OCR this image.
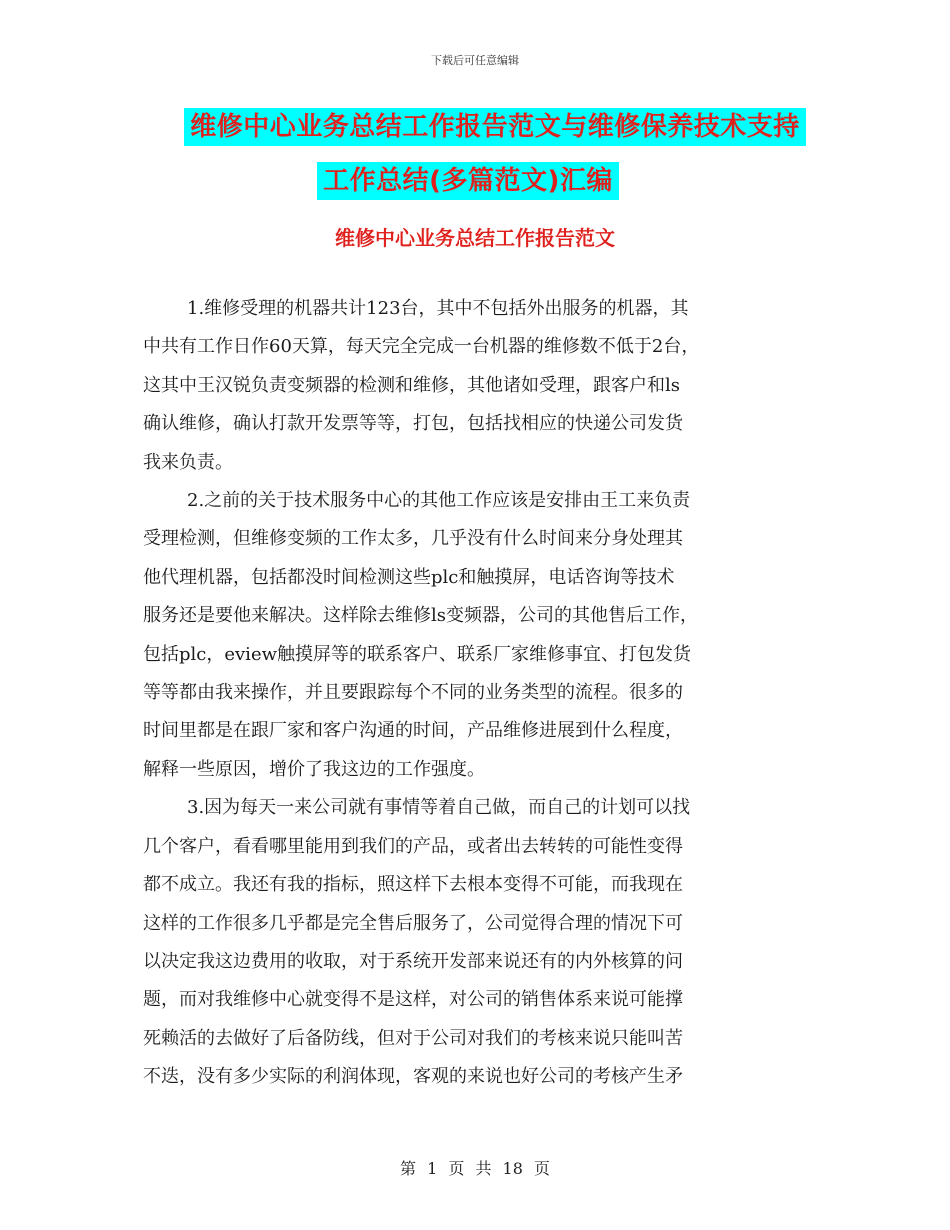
下载后可任意编辑
维修中心业务总结工作报告范文与维修保养技术支持
工作总结(多篇范文)汇编
维修中心业务总结工作报告范文

1.维修受理的机器共计123台，其中不包括外出服务的机器，其

中共有工作日作60天算，每天完全完成一台机器的维修数不低于2台，

这其中王汉锐负责变频器的检测和维修，其他诸如受理，跟客户和ls

确认维修，确认打款开发票等等，打包，包括找相应的快递公司发货

我来负责。

2.之前的关于技术服务中心的其他工作应该是安排由王工来负责

受理检测，但维修变频的工作太多，几乎没有什么时间来分身处理其

他代理机器，包括都没时间检测这些plc和触摸屏，电话咨询等技术

服务还是要他来解决。这样除去维修ls变频器，公司的其他售后工作，

包括plc，eview触摸屏等的联系客户、联系厂家维修事宜、打包发货

等等都由我来操作，并且要跟踪每个不同的业务类型的流程。很多的

时间里都是在跟厂家和客户沟通的时间，产品维修进展到什么程度，

解释一些原因，增价了我这边的工作强度。

3.因为每天一来公司就有事情等着自己做，而自己的计划可以找

几个客户，看看哪里能用到我们的产品，或者出去转转的可能性变得

都不成立。我还有我的指标，照这样下去根本变得不可能，而我现在

这样的工作很多几乎都是完全售后服务了，公司觉得合理的情况下可

以决定我这边费用的收取，对于系统开发部来说还有的内外核算的问

题，而对我维修中心就变得不是这样，对公司的销售体系来说可能撑

死赖活的去做好了后备防线，但对于公司对我们的考核来说只能叫苦

不迭，没有多少实际的利润体现，客观的来说也好公司的考核产生矛

第 1 页 共 18 页
